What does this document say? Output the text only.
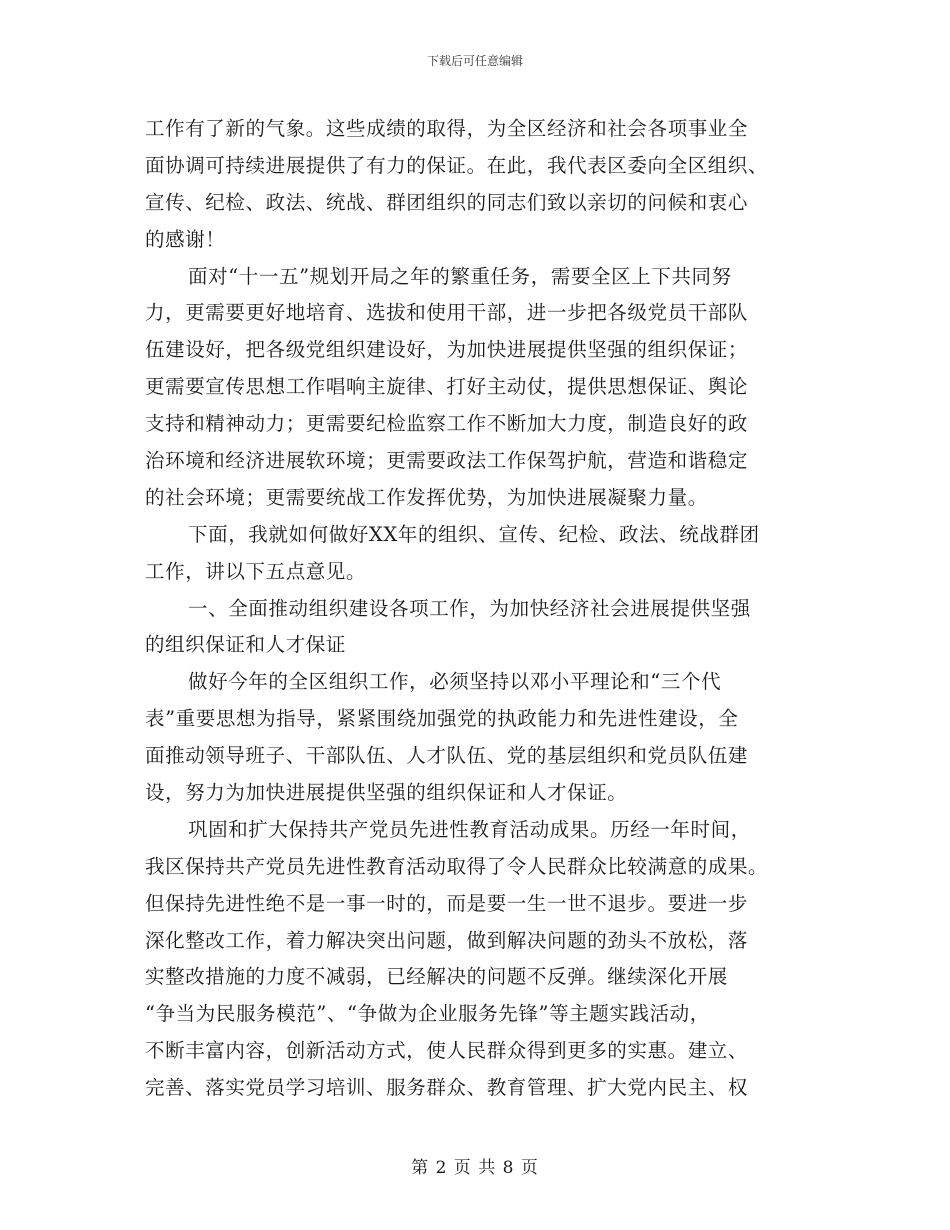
下载后可任意编辑
工作有了新的气象。这些成绩的取得，为全区经济和社会各项事业全
面协调可持续进展提供了有力的保证。在此，我代表区委向全区组织、
宣传、纪检、政法、统战、群团组织的同志们致以亲切的问候和衷心
的感谢！
面对“十一五”规划开局之年的繁重任务，需要全区上下共同努
力，更需要更好地培育、选拔和使用干部，进一步把各级党员干部队
伍建设好，把各级党组织建设好，为加快进展提供坚强的组织保证；
更需要宣传思想工作唱响主旋律、打好主动仗，提供思想保证、舆论
支持和精神动力；更需要纪检监察工作不断加大力度，制造良好的政
治环境和经济进展软环境；更需要政法工作保驾护航，营造和谐稳定
的社会环境；更需要统战工作发挥优势，为加快进展凝聚力量。
下面，我就如何做好XX年的组织、宣传、纪检、政法、统战群团
工作，讲以下五点意见。
一、全面推动组织建设各项工作，为加快经济社会进展提供坚强
的组织保证和人才保证
做好今年的全区组织工作，必须坚持以邓小平理论和“三个代
表”重要思想为指导，紧紧围绕加强党的执政能力和先进性建设，全
面推动领导班子、干部队伍、人才队伍、党的基层组织和党员队伍建
设，努力为加快进展提供坚强的组织保证和人才保证。
巩固和扩大保持共产党员先进性教育活动成果。历经一年时间，
我区保持共产党员先进性教育活动取得了令人民群众比较满意的成果。
但保持先进性绝不是一事一时的，而是要一生一世不退步。要进一步
深化整改工作，着力解决突出问题，做到解决问题的劲头不放松，落
实整改措施的力度不减弱，已经解决的问题不反弹。继续深化开展
“争当为民服务模范”、“争做为企业服务先锋”等主题实践活动，
不断丰富内容，创新活动方式，使人民群众得到更多的实惠。建立、
完善、落实党员学习培训、服务群众、教育管理、扩大党内民主、权
第 2 页 共 8 页
